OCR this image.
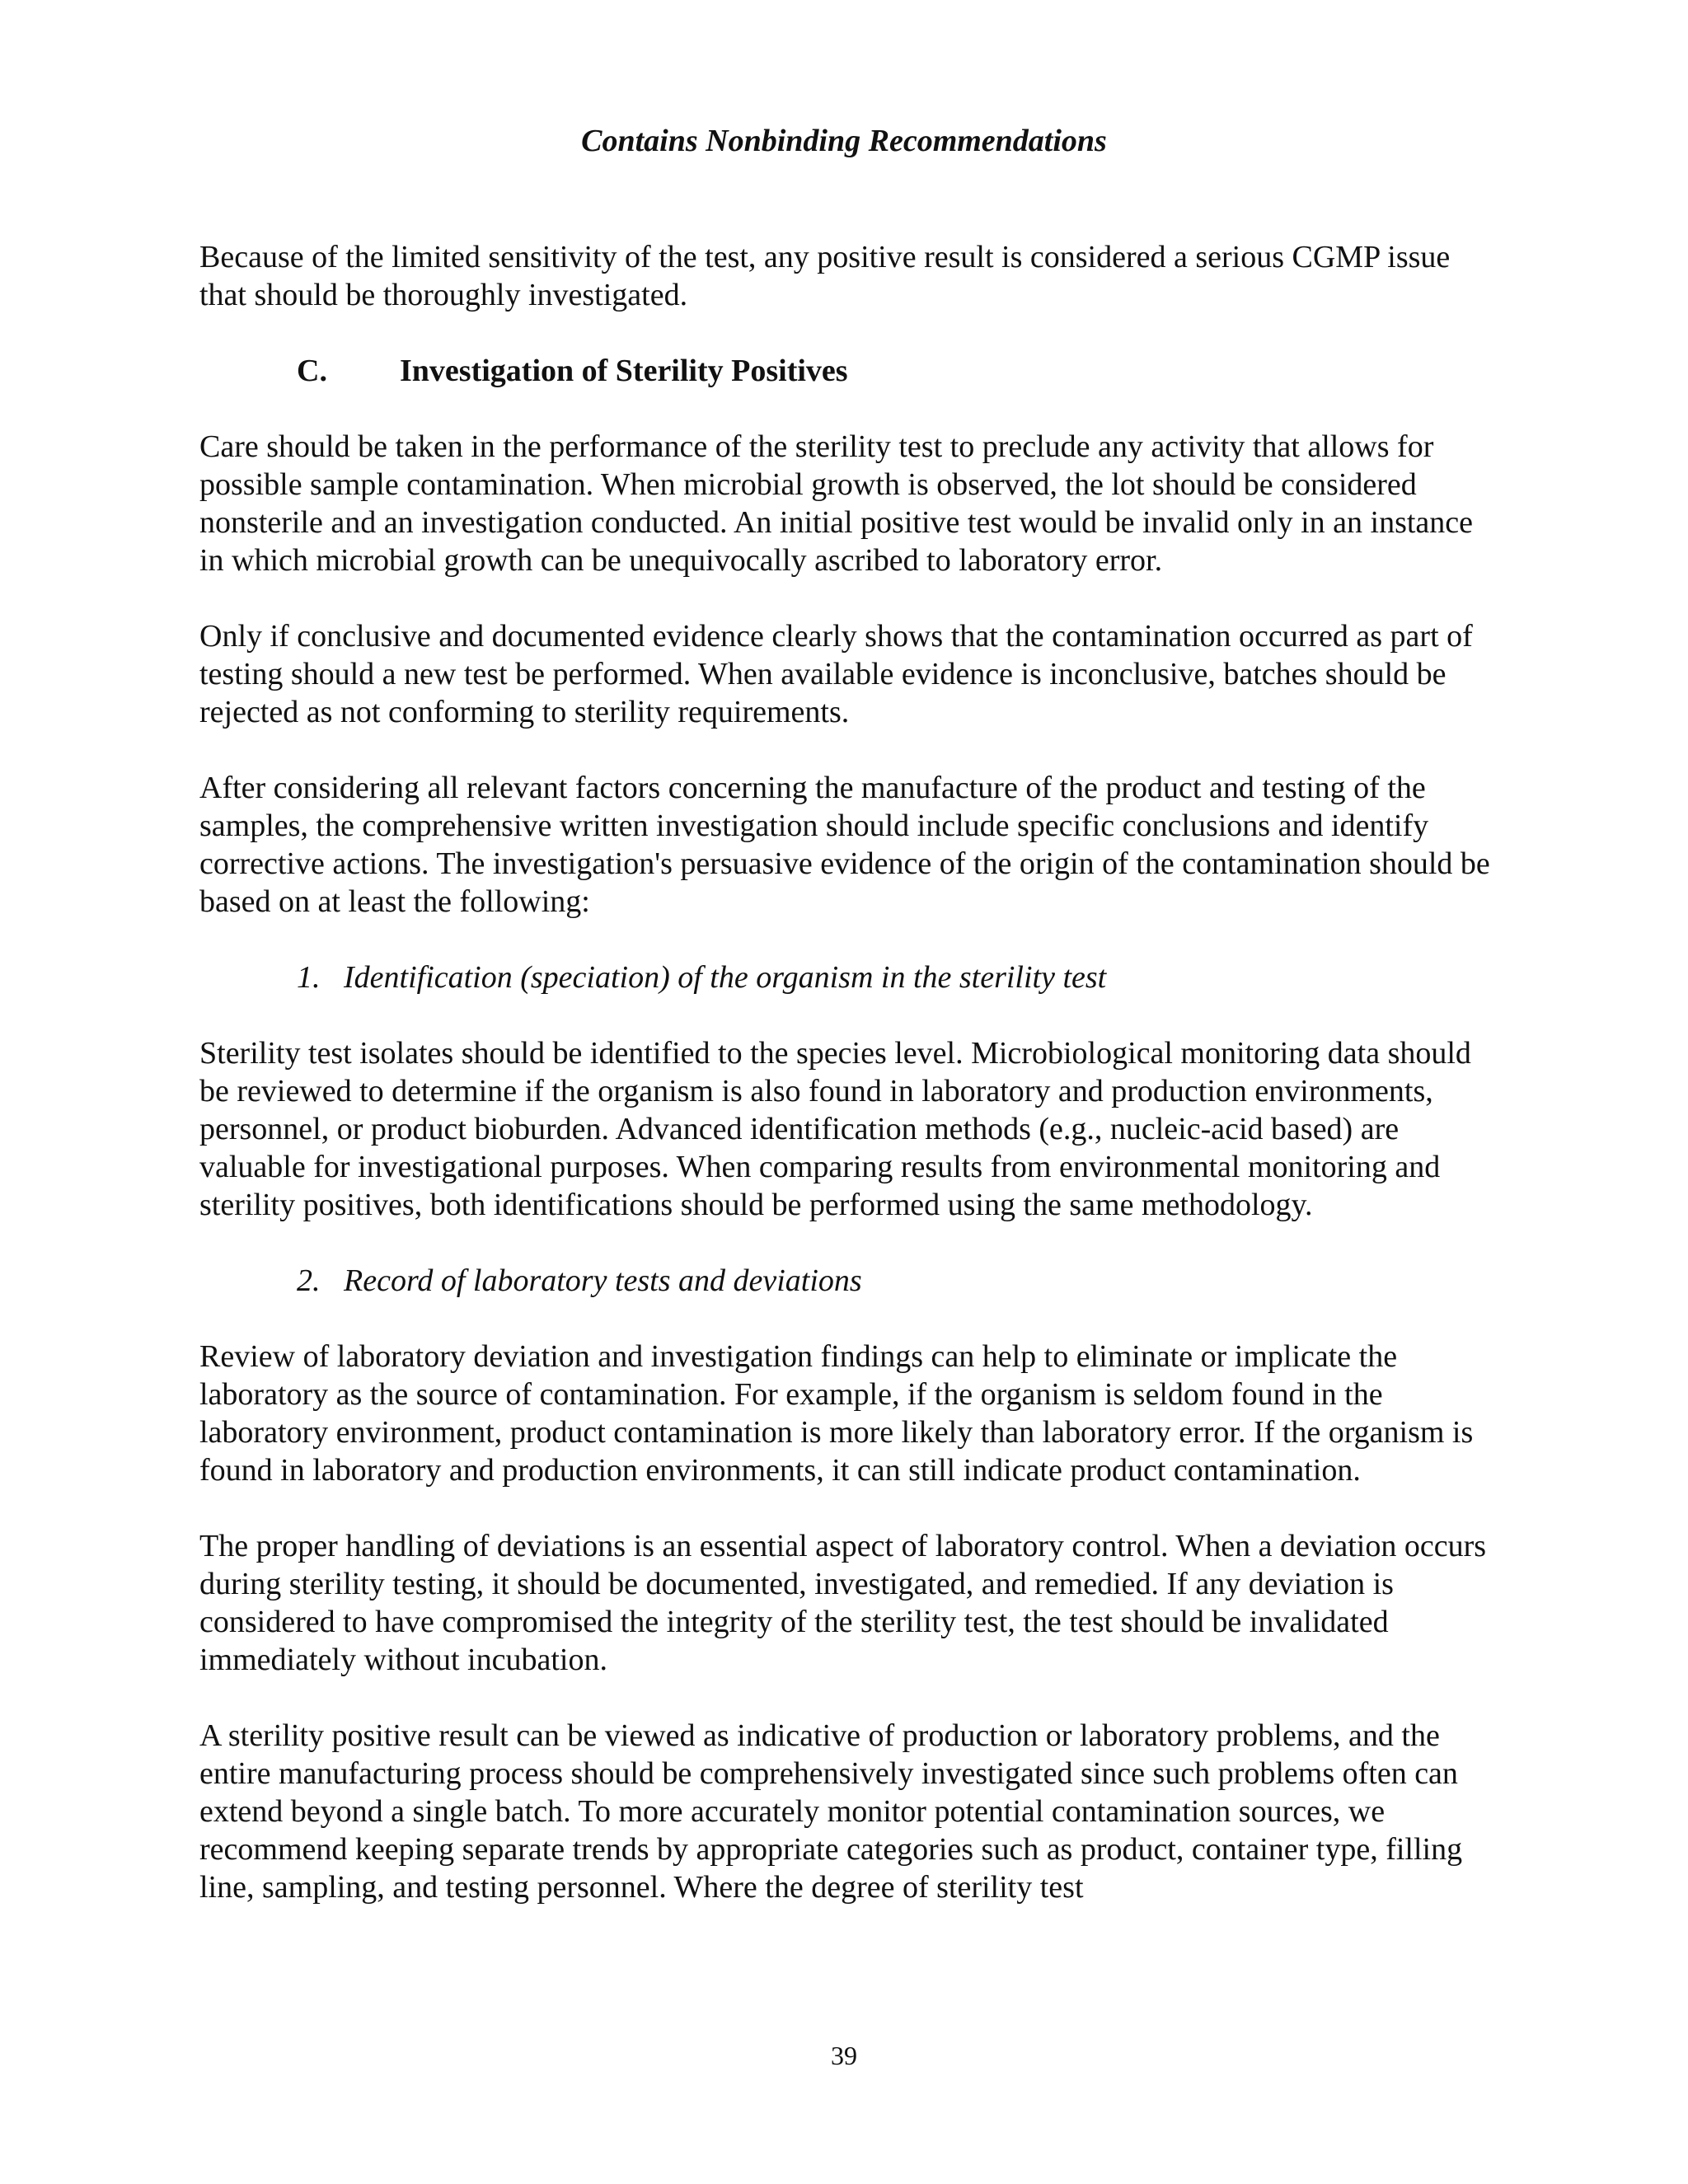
Contains Nonbinding Recommendations

Because of the limited sensitivity of the test, any positive result is considered a serious CGMP issue that should be thoroughly investigated.

C. Investigation of Sterility Positives

Care should be taken in the performance of the sterility test to preclude any activity that allows for possible sample contamination. When microbial growth is observed, the lot should be considered nonsterile and an investigation conducted. An initial positive test would be invalid only in an instance in which microbial growth can be unequivocally ascribed to laboratory error.

Only if conclusive and documented evidence clearly shows that the contamination occurred as part of testing should a new test be performed. When available evidence is inconclusive, batches should be rejected as not conforming to sterility requirements.

After considering all relevant factors concerning the manufacture of the product and testing of the samples, the comprehensive written investigation should include specific conclusions and identify corrective actions. The investigation's persuasive evidence of the origin of the contamination should be based on at least the following:

1. Identification (speciation) of the organism in the sterility test

Sterility test isolates should be identified to the species level. Microbiological monitoring data should be reviewed to determine if the organism is also found in laboratory and production environments, personnel, or product bioburden. Advanced identification methods (e.g., nucleic-acid based) are valuable for investigational purposes. When comparing results from environmental monitoring and sterility positives, both identifications should be performed using the same methodology.

2. Record of laboratory tests and deviations

Review of laboratory deviation and investigation findings can help to eliminate or implicate the laboratory as the source of contamination. For example, if the organism is seldom found in the laboratory environment, product contamination is more likely than laboratory error. If the organism is found in laboratory and production environments, it can still indicate product contamination.

The proper handling of deviations is an essential aspect of laboratory control. When a deviation occurs during sterility testing, it should be documented, investigated, and remedied. If any deviation is considered to have compromised the integrity of the sterility test, the test should be invalidated immediately without incubation.

A sterility positive result can be viewed as indicative of production or laboratory problems, and the entire manufacturing process should be comprehensively investigated since such problems often can extend beyond a single batch. To more accurately monitor potential contamination sources, we recommend keeping separate trends by appropriate categories such as product, container type, filling line, sampling, and testing personnel. Where the degree of sterility test

39
